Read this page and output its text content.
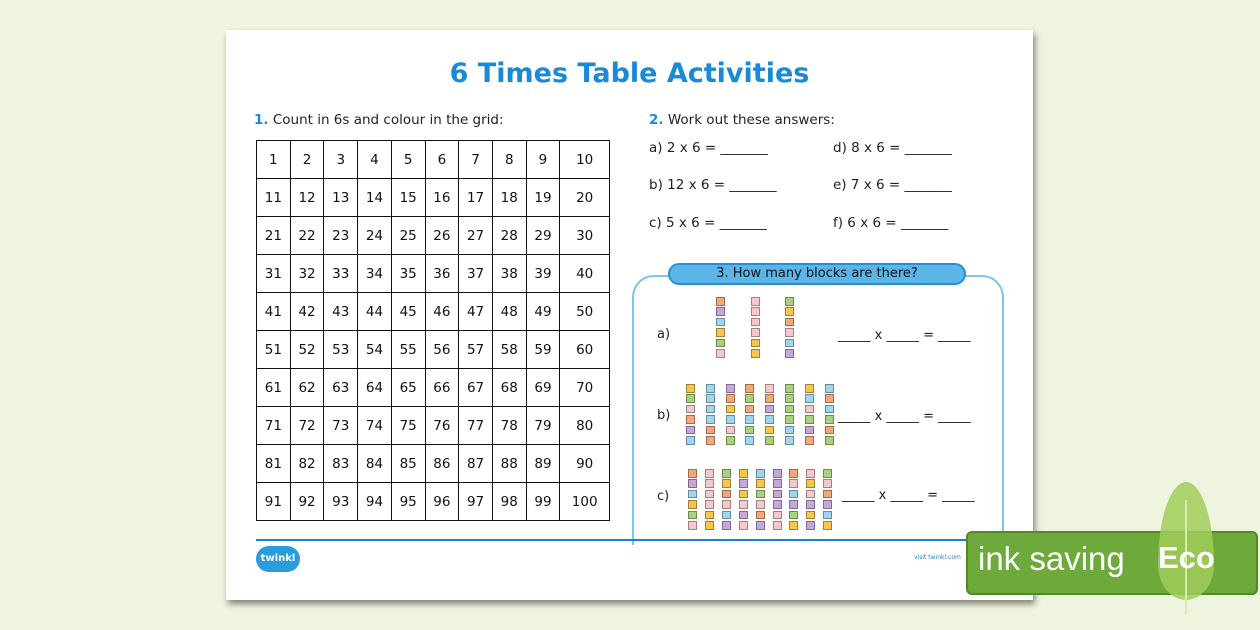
6 Times Table Activities
1. Count in 6s and colour in the grid:
1	2	3	4	5	6	7	8	9	10
11	12	13	14	15	16	17	18	19	20
21	22	23	24	25	26	27	28	29	30
31	32	33	34	35	36	37	38	39	40
41	42	43	44	45	46	47	48	49	50
51	52	53	54	55	56	57	58	59	60
61	62	63	64	65	66	67	68	69	70
71	72	73	74	75	76	77	78	79	80
81	82	83	84	85	86	87	88	89	90
91	92	93	94	95	96	97	98	99	100
2. Work out these answers:
a) 2 x 6 = _______
b) 12 x 6 = _______
c) 5 x 6 = _______
d) 8 x 6 = _______
e) 7 x 6 = _______
f) 6 x 6 = _______
3. How many blocks are there?
a)
b)
c)
_____ x _____ = _____
_____ x _____ = _____
_____ x _____ = _____
twinkl	visit twinkl.com ink saving Eco
